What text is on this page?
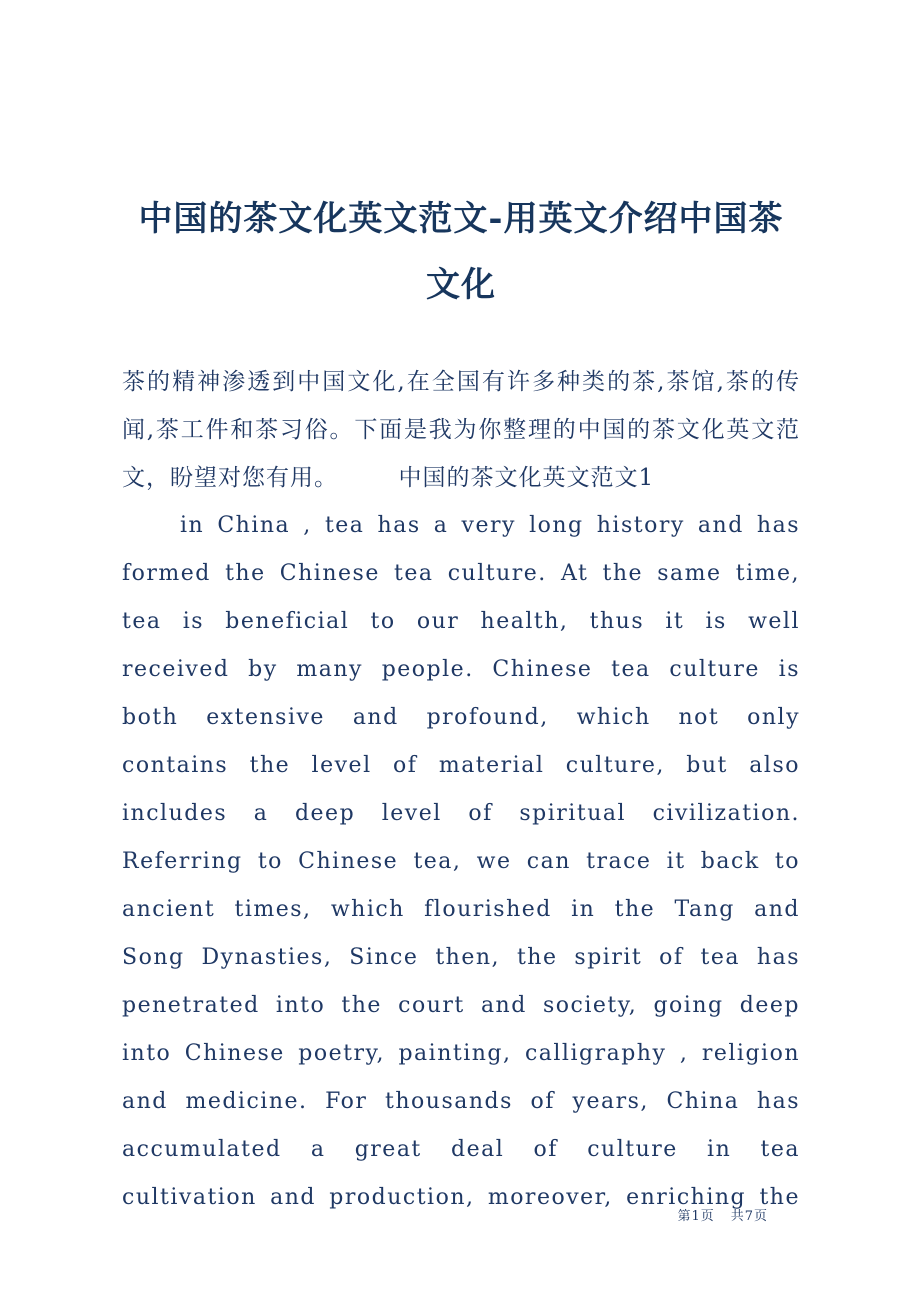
中国的茶文化英文范文-用英文介绍中国茶文化

茶的精神渗透到中国文化,在全国有许多种类的茶,茶馆,茶的传闻,茶工件和茶习俗。下面是我为你整理的中国的茶文化英文范文，盼望对您有用。　　　中国的茶文化英文范文1

in China , tea has a very long history and has formed the Chinese tea culture. At the same time, tea is beneficial to our health, thus it is well received by many people. Chinese tea culture is both extensive and profound, which not only contains the level of material culture, but also includes a deep level of spiritual civilization. Referring to Chinese tea, we can trace it back to ancient times, which flourished in the Tang and Song Dynasties, Since then, the spirit of tea has penetrated into the court and society, going deep into Chinese poetry, painting, calligraphy , religion and medicine. For thousands of years, China has accumulated a great deal of culture in tea cultivation and production, moreover, enriching the

第1页 共7页
